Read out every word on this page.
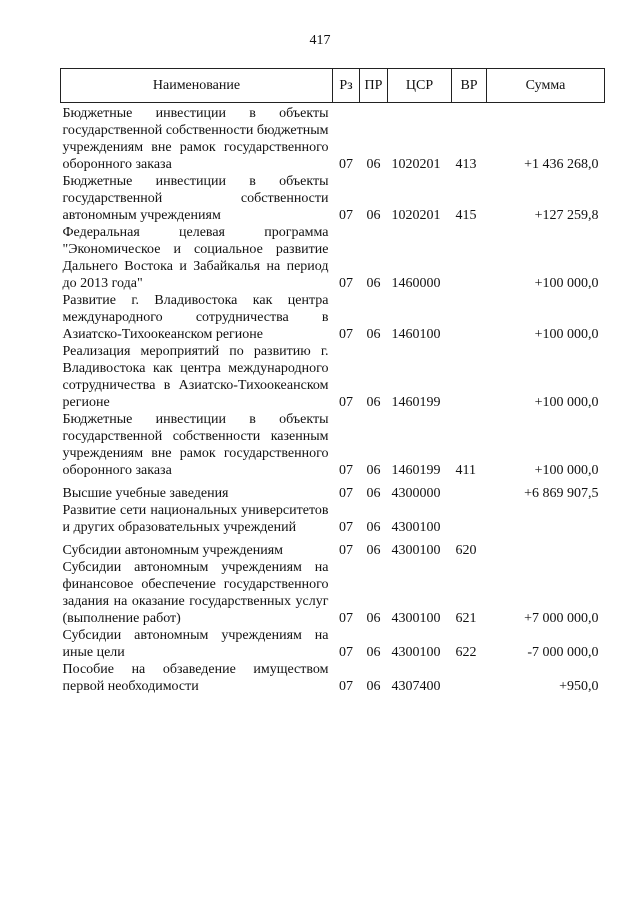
417
Наименование	Рз	ПР	ЦСР	ВР	Сумма
Бюджетные инвестиции в объекты государственной собственности бюджетным учреждениям вне рамок государственного оборонного заказа	07	06	1020201	413	+1 436 268,0
Бюджетные инвестиции в объекты государственной собственности автономным учреждениям	07	06	1020201	415	+127 259,8
Федеральная целевая программа "Экономическое и социальное развитие Дальнего Востока и Забайкалья на период до 2013 года"	07	06	1460000		+100 000,0
Развитие г. Владивостока как центра международного сотрудничества в Азиатско-Тихоокеанском регионе	07	06	1460100		+100 000,0
Реализация мероприятий по развитию г. Владивостока как центра международного сотрудничества в Азиатско-Тихоокеанском регионе	07	06	1460199		+100 000,0
Бюджетные инвестиции в объекты государственной собственности казенным учреждениям вне рамок государственного оборонного заказа	07	06	1460199	411	+100 000,0
Высшие учебные заведения	07	06	4300000		+6 869 907,5
Развитие сети национальных университетов и других образовательных учреждений	07	06	4300100		
Субсидии автономным учреждениям	07	06	4300100	620	
Субсидии автономным учреждениям на финансовое обеспечение государственного задания на оказание государственных услуг (выполнение работ)	07	06	4300100	621	+7 000 000,0
Субсидии автономным учреждениям на иные цели	07	06	4300100	622	-7 000 000,0
Пособие на обзаведение имуществом первой необходимости	07	06	4307400		+950,0
